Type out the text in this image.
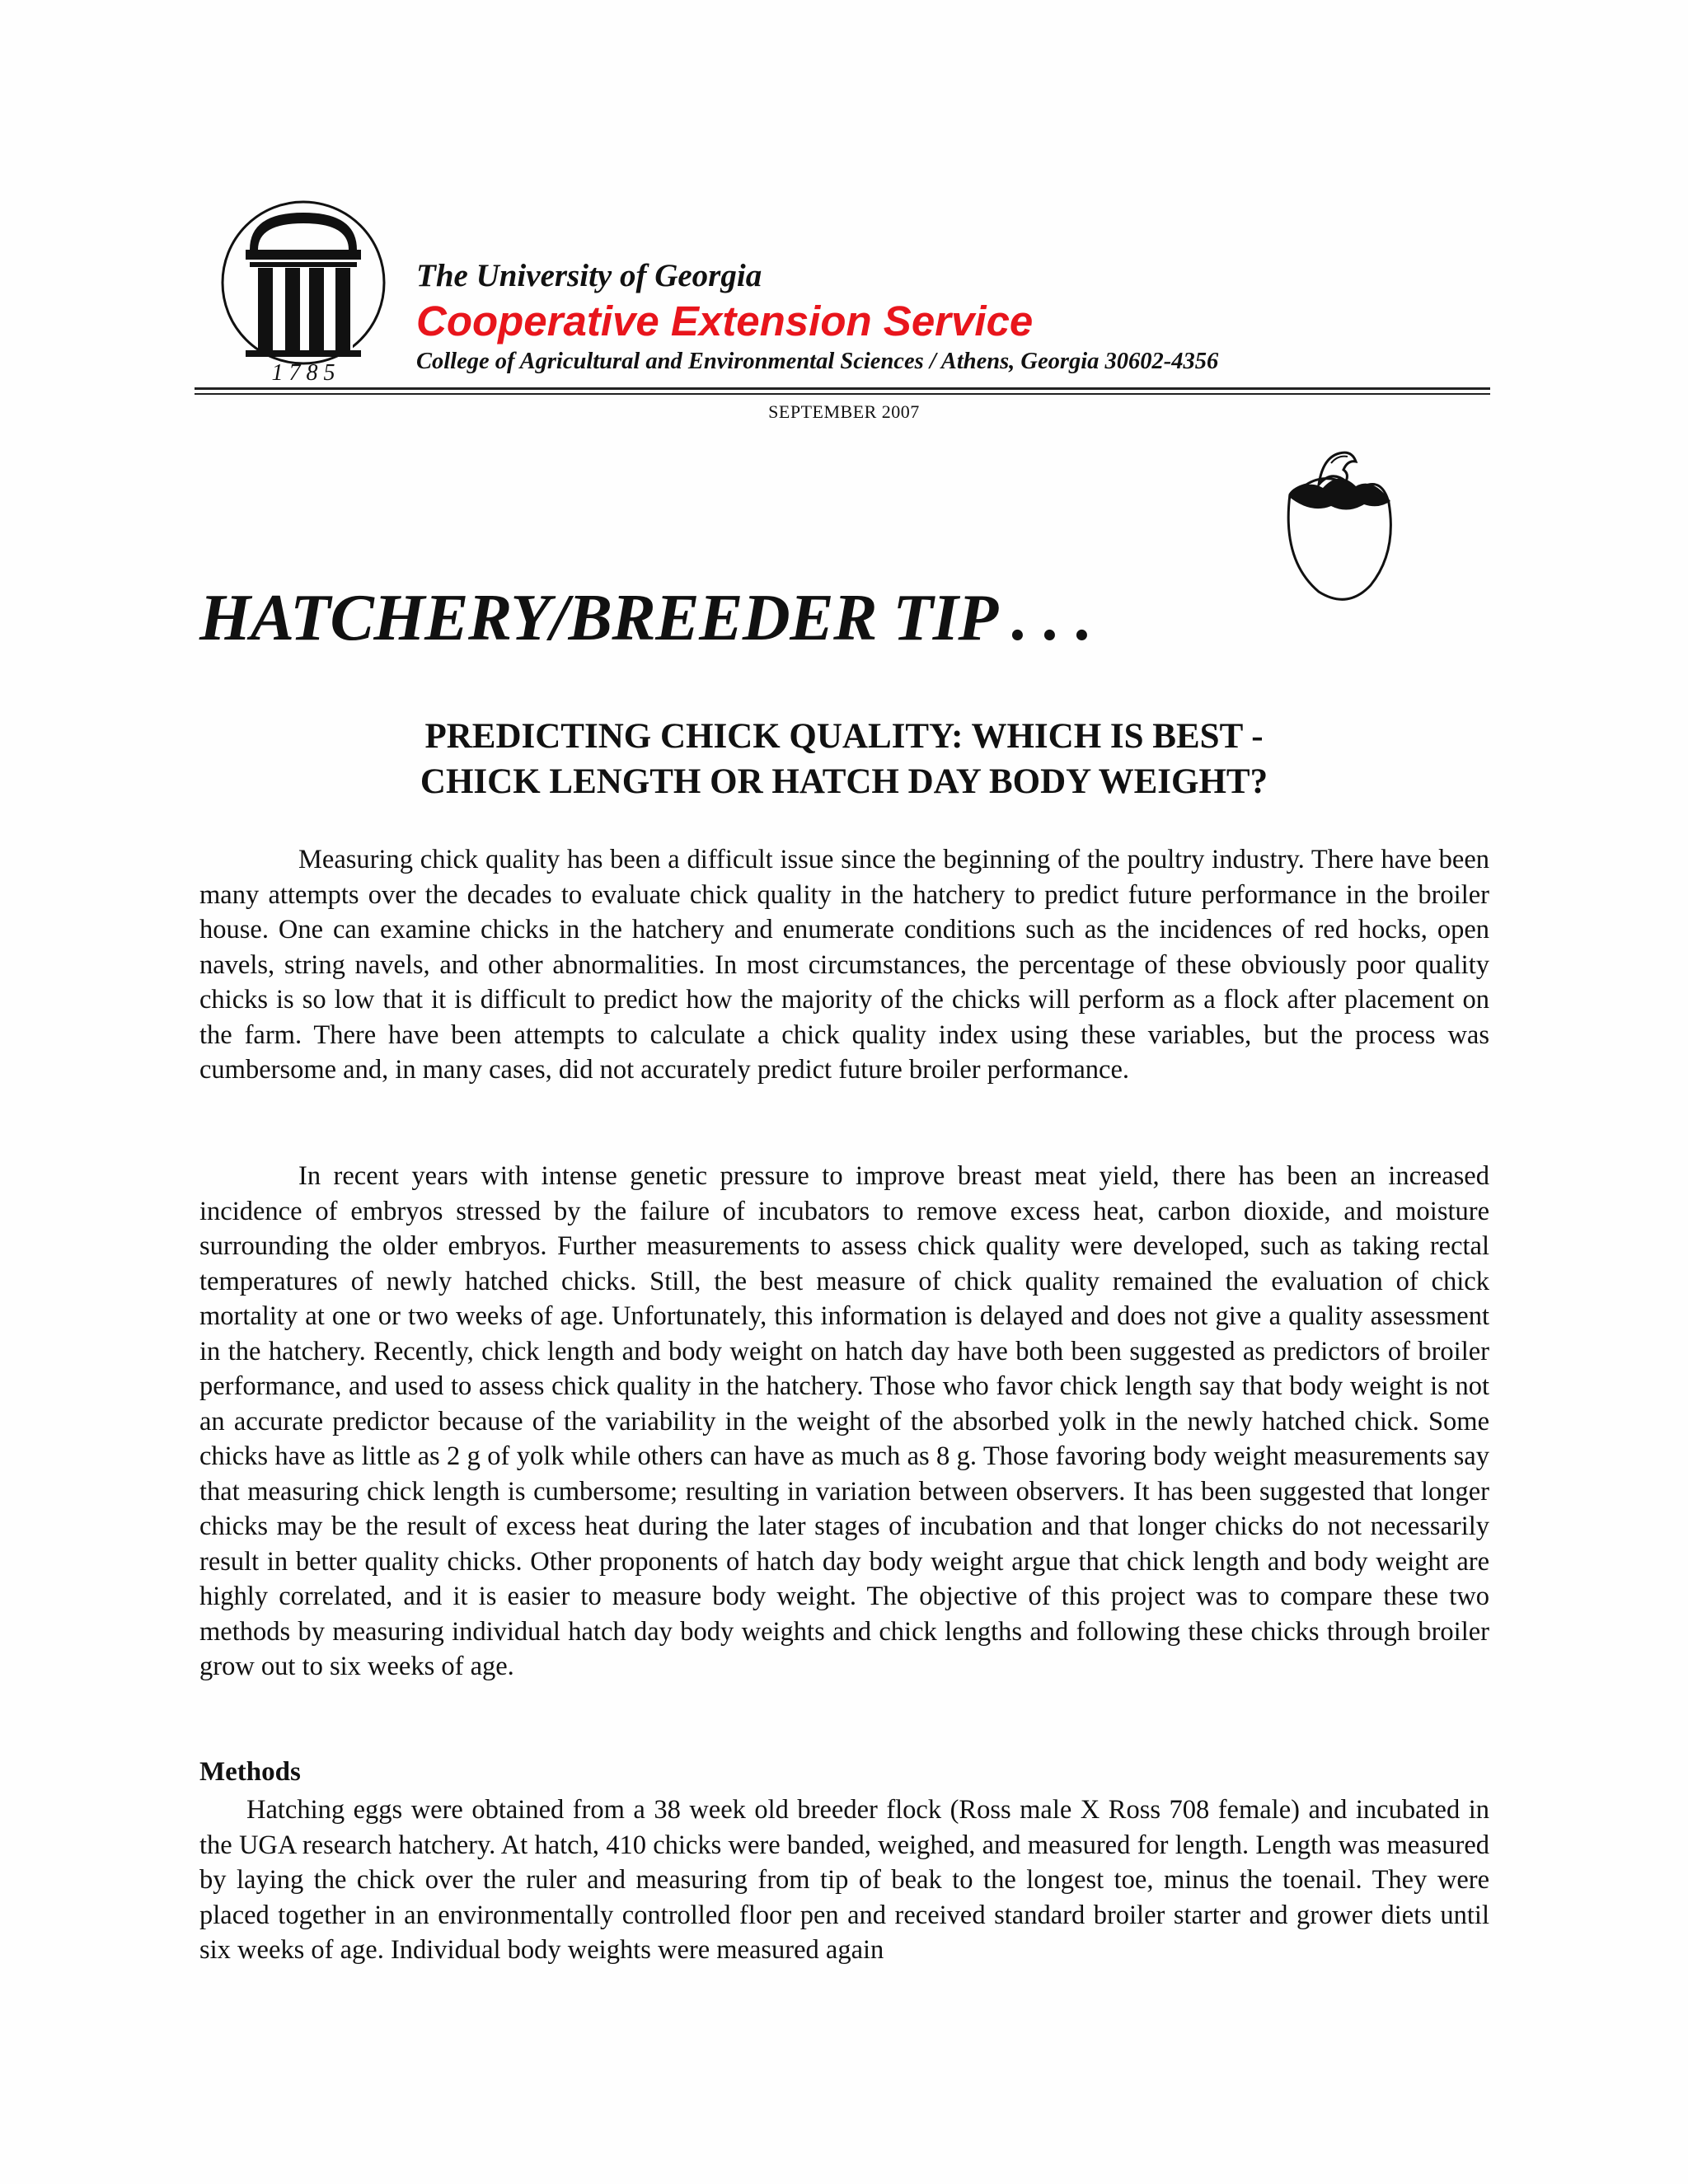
1 7 8 5
The University of Georgia
Cooperative Extension Service
College of Agricultural and Environmental Sciences / Athens, Georgia 30602-4356
SEPTEMBER 2007
HATCHERY/BREEDER TIP . . .
PREDICTING CHICK QUALITY: WHICH IS BEST -
CHICK LENGTH OR HATCH DAY BODY WEIGHT?
Measuring chick quality has been a difficult issue since the beginning of the poultry industry. There have been many attempts over the decades to evaluate chick quality in the hatchery to predict future performance in the broiler house. One can examine chicks in the hatchery and enumerate conditions such as the incidences of red hocks, open navels, string navels, and other abnormalities. In most circumstances, the percentage of these obviously poor quality chicks is so low that it is difficult to predict how the majority of the chicks will perform as a flock after placement on the farm. There have been attempts to calculate a chick quality index using these variables, but the process was cumbersome and, in many cases, did not accurately predict future broiler performance.
In recent years with intense genetic pressure to improve breast meat yield, there has been an increased incidence of embryos stressed by the failure of incubators to remove excess heat, carbon dioxide, and moisture surrounding the older embryos. Further measurements to assess chick quality were developed, such as taking rectal temperatures of newly hatched chicks. Still, the best measure of chick quality remained the evaluation of chick mortality at one or two weeks of age. Unfortunately, this information is delayed and does not give a quality assessment in the hatchery. Recently, chick length and body weight on hatch day have both been suggested as predictors of broiler performance, and used to assess chick quality in the hatchery. Those who favor chick length say that body weight is not an accurate predictor because of the variability in the weight of the absorbed yolk in the newly hatched chick. Some chicks have as little as 2 g of yolk while others can have as much as 8 g. Those favoring body weight measurements say that measuring chick length is cumbersome; resulting in variation between observers. It has been suggested that longer chicks may be the result of excess heat during the later stages of incubation and that longer chicks do not necessarily result in better quality chicks. Other proponents of hatch day body weight argue that chick length and body weight are highly correlated, and it is easier to measure body weight. The objective of this project was to compare these two methods by measuring individual hatch day body weights and chick lengths and following these chicks through broiler grow out to six weeks of age.
Methods
Hatching eggs were obtained from a 38 week old breeder flock (Ross male X Ross 708 female) and incubated in the UGA research hatchery. At hatch, 410 chicks were banded, weighed, and measured for length. Length was measured by laying the chick over the ruler and measuring from tip of beak to the longest toe, minus the toenail. They were placed together in an environmentally controlled floor pen and received standard broiler starter and grower diets until six weeks of age. Individual body weights were measured again
